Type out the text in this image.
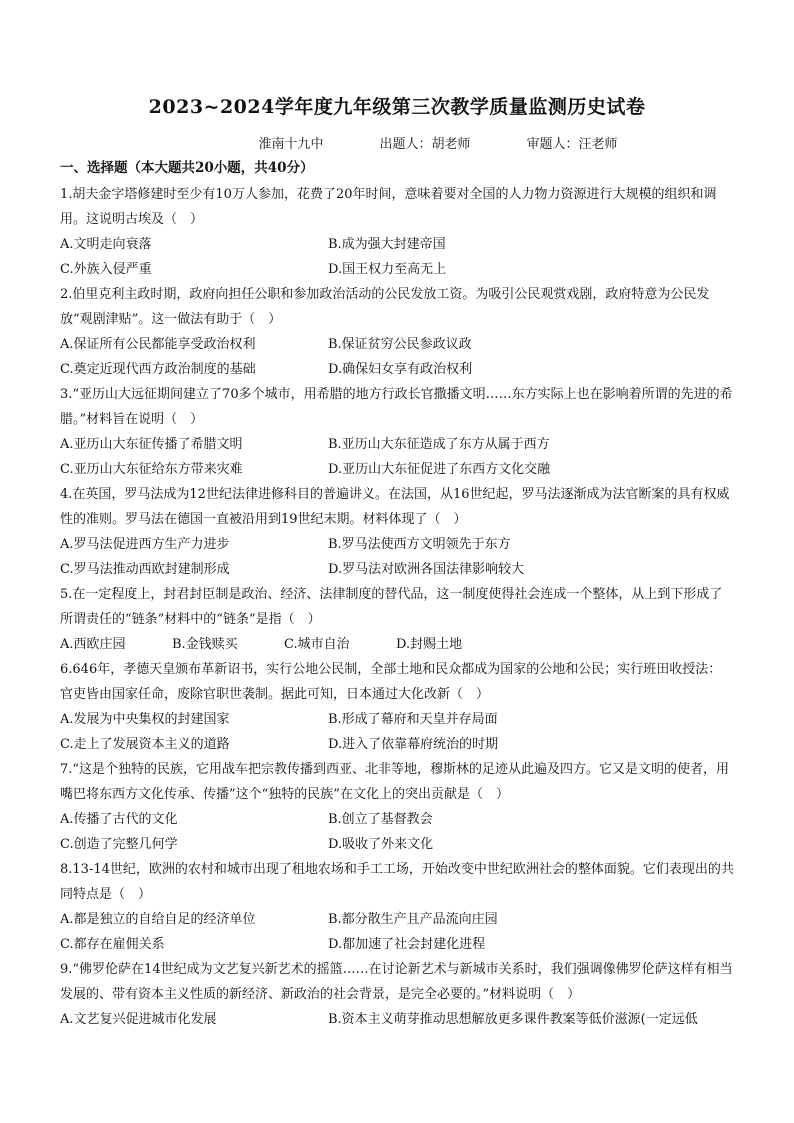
2023~2024学年度九年级第三次教学质量监测历史试卷
淮南十九中	出题人：胡老师	审题人：汪老师
一、选择题（本大题共20小题，共40分）
1.胡夫金字塔修建时至少有10万人参加，花费了20年时间，意味着要对全国的人力物力资源进行大规模的组织和调用。这说明古埃及（　）
A.文明走向衰落	B.成为强大封建帝国
C.外族入侵严重	D.国王权力至高无上
2.伯里克利主政时期，政府向担任公职和参加政治活动的公民发放工资。为吸引公民观赏戏剧，政府特意为公民发放“观剧津贴”。这一做法有助于（　）
A.保证所有公民都能享受政治权利	B.保证贫穷公民参政议政
C.奠定近现代西方政治制度的基础	D.确保妇女享有政治权利
3.“亚历山大远征期间建立了70多个城市，用希腊的地方行政长官撒播文明……东方实际上也在影响着所谓的先进的希腊。”材料旨在说明（　）
A.亚历山大东征传播了希腊文明	B.亚历山大东征造成了东方从属于西方
C.亚历山大东征给东方带来灾难	D.亚历山大东征促进了东西方文化交融
4.在英国，罗马法成为12世纪法律进修科目的普遍讲义。在法国，从16世纪起，罗马法逐渐成为法官断案的具有权威性的准则。罗马法在德国一直被沿用到19世纪末期。材料体现了（　）
A.罗马法促进西方生产力进步	B.罗马法使西方文明领先于东方
C.罗马法推动西欧封建制形成	D.罗马法对欧洲各国法律影响较大
5.在一定程度上，封君封臣制是政治、经济、法律制度的替代品，这一制度使得社会连成一个整体，从上到下形成了所谓责任的“链条”材料中的“链条”是指（　）
A.西欧庄园	B.金钱赎买	C.城市自治	D.封赐土地
6.646年，孝德天皇颁布革新诏书，实行公地公民制，全部土地和民众都成为国家的公地和公民；实行班田收授法：官吏皆由国家任命，废除官职世袭制。据此可知，日本通过大化改新（　）
A.发展为中央集权的封建国家	B.形成了幕府和天皇并存局面
C.走上了发展资本主义的道路	D.进入了依靠幕府统治的时期
7.“这是个独特的民族，它用战车把宗教传播到西亚、北非等地，穆斯林的足迹从此遍及四方。它又是文明的使者，用嘴巴将东西方文化传承、传播”这个“独特的民族”在文化上的突出贡献是（　）
A.传播了古代的文化	B.创立了基督教会
C.创造了完整几何学	D.吸收了外来文化
8.13-14世纪，欧洲的农村和城市出现了租地农场和手工工场，开始改变中世纪欧洲社会的整体面貌。它们表现出的共同特点是（　）
A.都是独立的自给自足的经济单位	B.都分散生产且产品流向庄园
C.都存在雇佣关系	D.都加速了社会封建化进程
9.“佛罗伦萨在14世纪成为文艺复兴新艺术的摇篮……在讨论新艺术与新城市关系时，我们强调像佛罗伦萨这样有相当发展的、带有资本主义性质的新经济、新政治的社会背景，是完全必要的。”材料说明（　）
A.文艺复兴促进城市化发展	B.资本主义萌芽推动思想解放更多课件教案等低价滋源(一定远低
